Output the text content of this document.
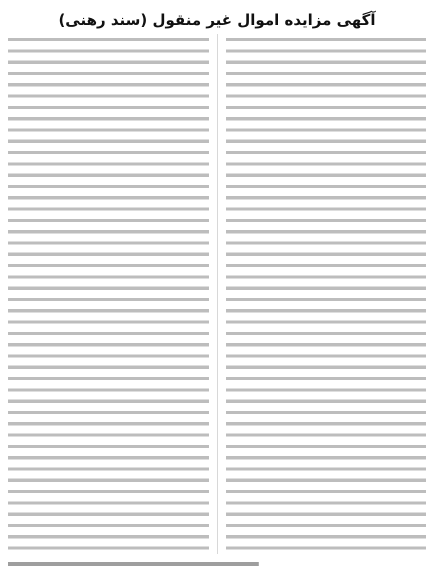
آگهی مزایده اموال غیر منقول (سند رهنی)
